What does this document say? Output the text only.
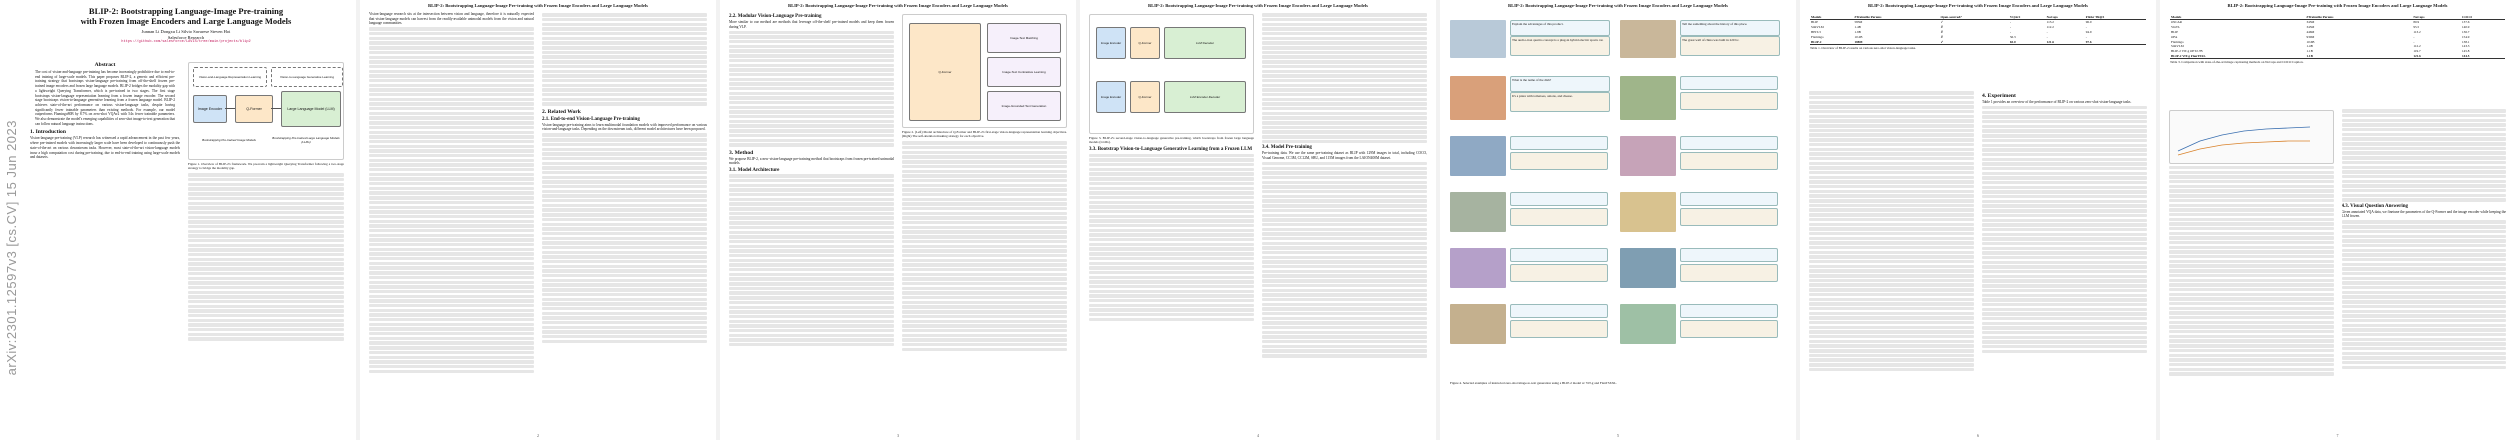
arXiv:2301.12597v3 [cs.CV] 15 Jun 2023
BLIP-2: Bootstrapping Language-Image Pre-training
with Frozen Image Encoders and Large Language Models
Junnan Li Dongxu Li Silvio Savarese Steven Hoi
Salesforce Research
https://github.com/salesforce/LAVIS/tree/main/projects/blip2
Abstract
The cost of vision-and-language pre-training has become increasingly prohibitive due to end-to-end training of large-scale models. This paper proposes BLIP-2, a generic and efficient pre-training strategy that bootstraps vision-language pre-training from off-the-shelf frozen pre-trained image encoders and frozen large language models. BLIP-2 bridges the modality gap with a lightweight Querying Transformer, which is pre-trained in two stages. The first stage bootstraps vision-language representation learning from a frozen image encoder. The second stage bootstraps vision-to-language generative learning from a frozen language model. BLIP-2 achieves state-of-the-art performance on various vision-language tasks, despite having significantly fewer trainable parameters than existing methods. For example, our model outperforms Flamingo80B by 8.7% on zero-shot VQAv2 with 54x fewer trainable parameters. We also demonstrate the model's emerging capabilities of zero-shot image-to-text generation that can follow natural language instructions.
1. Introduction
Vision-language pre-training (VLP) research has witnessed a rapid advancement in the past few years, where pre-trained models with increasingly larger scale have been developed to continuously push the state-of-the-art on various downstream tasks. However, most state-of-the-art vision-language models incur a high computation cost during pre-training, due to end-to-end training using large-scale models and datasets.
Image Encoder	Q-Former	Large Language Model (LLM)
Vision-and-Language Representation Learning	Vision-to-Language Generative Learning
Bootstrapping Pre-trained Image Models	Bootstrapping Pre-trained Large Language Models (LLMs)
Figure 1. Overview of BLIP-2's framework. We pre-train a lightweight Querying Transformer following a two-stage strategy to bridge the modality gap.
BLIP-2: Bootstrapping Language-Image Pre-training with Frozen Image Encoders and Large Language Models
Vision-language research sits at the intersection between vision and language, therefore it is naturally expected that vision-language models can harvest from the readily-available unimodal models from the vision and natural language communities.
2. Related Work
2.1. End-to-end Vision-Language Pre-training
Vision-language pre-training aims to learn multimodal foundation models with improved performance on various vision-and-language tasks. Depending on the downstream task, different model architectures have been proposed.
2
BLIP-2: Bootstrapping Language-Image Pre-training with Frozen Image Encoders and Large Language Models
2.2. Modular Vision-Language Pre-training
More similar to our method are methods that leverage off-the-shelf pre-trained models and keep them frozen during VLP.
3. Method
We propose BLIP-2, a new vision-language pre-training method that bootstraps from frozen pre-trained unimodal models.
3.1. Model Architecture
Q-Former
Image-Text Matching
Image-Text Contrastive Learning
Image-Grounded Text Generation
Figure 2. (Left) Model architecture of Q-Former and BLIP-2's first-stage vision-language representation learning objectives. (Right) The self-attention masking strategy for each objective.
3
BLIP-2: Bootstrapping Language-Image Pre-training with Frozen Image Encoders and Large Language Models
Image Encoder	Q-Former	LLM Decoder
Image Encoder	Q-Former	LLM Encoder-Decoder
Figure 3. BLIP-2's second-stage vision-to-language generative pre-training, which bootstraps from frozen large language models (LLMs).
3.3. Bootstrap Vision-to-Language Generative Learning from a Frozen LLM	3.4. Model Pre-training
Pre-training data. We use the same pre-training dataset as BLIP with 129M images in total, including COCO, Visual Genome, CC3M, CC12M, SBU, and 115M images from the LAION400M dataset.
4
BLIP-2: Bootstrapping Language-Image Pre-training with Frozen Image Encoders and Large Language Models
Explain the advantages of this product.
The audi e-tron quattro concept is a plug-in hybrid electric sports car.
Tell me something about the history of this place.
The great wall of china was built in 220 bc.
What is the name of the dish?
It's a pizza with tomatoes, onions, and cheese.
Figure 4. Selected examples of instructed zero-shot image-to-text generation using a BLIP-2 model w/ ViT-g and FlanT5XXL.
5
BLIP-2: Bootstrapping Language-Image Pre-training with Frozen Image Encoders and Large Language Models
Models	#Trainable Params	Open-sourced?	VQAv2	NoCaps	Flickr TR@1
BLIP	583M	✓	-	113.2	96.0
SimVLM	1.4B	✗	-	112.2	-
BEIT-3	1.9B	✗	-	-	94.9
Flamingo	10.2B	✗	56.3	-	-
BLIP-2	188M	✓	65.0	121.6	97.6
Table 1. Overview of BLIP-2 results on various zero-shot vision-language tasks.
4. Experiment
Table 1 provides an overview of the performance of BLIP-2 on various zero-shot vision-language tasks.
6
BLIP-2: Bootstrapping Language-Image Pre-training with Frozen Image Encoders and Large Language Models
Models	#Trainable Params	NoCaps	COCO
OSCAR	345M	80.9	137.6
VinVL	345M	95.5	140.9
BLIP	446M	113.2	136.7
OFA	930M	-	154.9
Flamingo	10.6B	-	138.1
SimVLM	1.4B	112.2	143.3
BLIP-2 ViT-g OPT2.7B	1.1B	119.7	145.8
BLIP-2 ViT-g FlanT5XL	1.1B	121.6	144.5
Table 3. Comparison with state-of-the-art image captioning methods on NoCaps and COCO Caption.
4.3. Visual Question Answering
Given annotated VQA data, we finetune the parameters of the Q-Former and the image encoder while keeping the LLM frozen.
7
